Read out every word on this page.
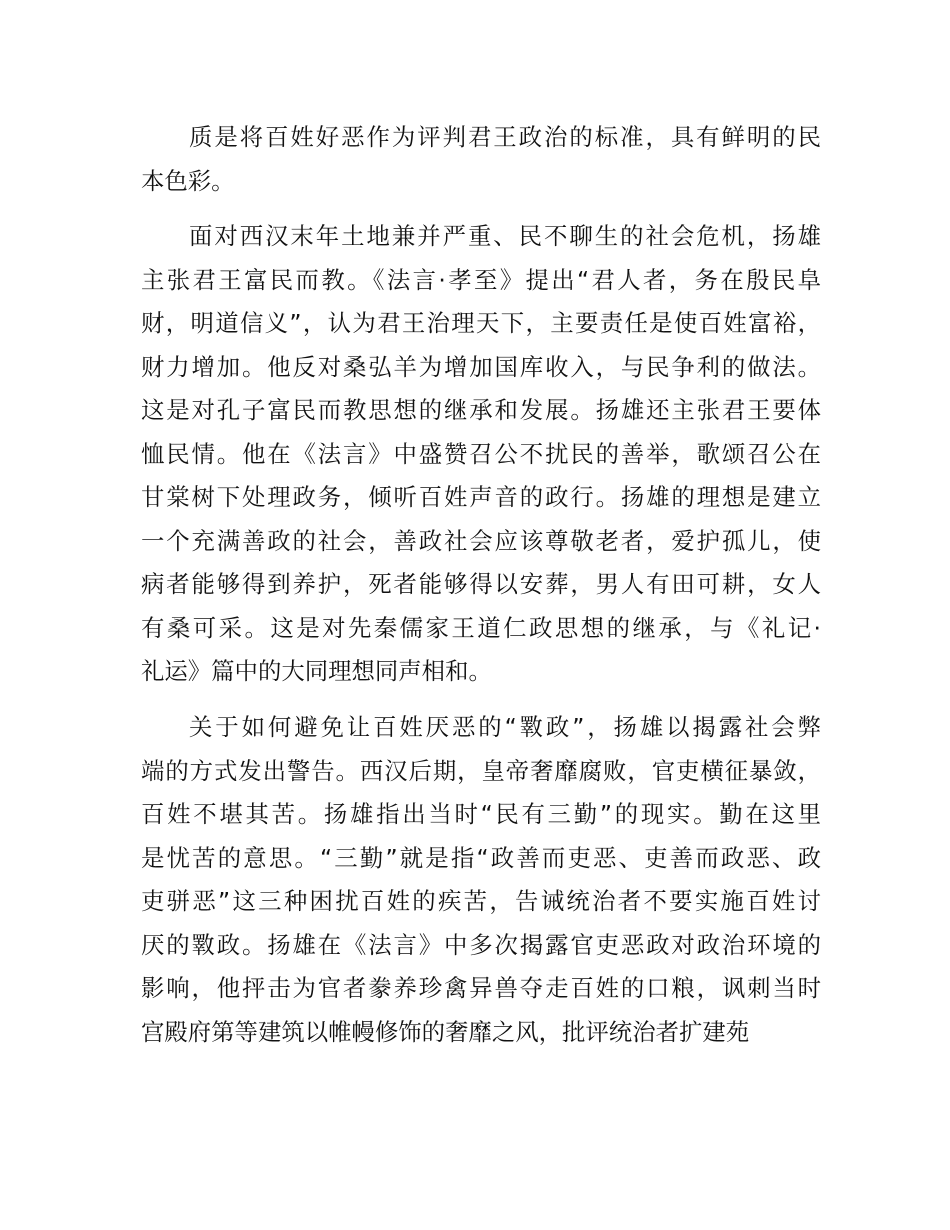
质是将百姓好恶作为评判君王政治的标准，具有鲜明的民
本色彩。
面对西汉末年土地兼并严重、民不聊生的社会危机，扬雄
主张君王富民而教。《法言·孝至》提出“君人者，务在殷民阜
财，明道信义”，认为君王治理天下，主要责任是使百姓富裕，
财力增加。他反对桑弘羊为增加国库收入，与民争利的做法。
这是对孔子富民而教思想的继承和发展。扬雄还主张君王要体
恤民情。他在《法言》中盛赞召公不扰民的善举，歌颂召公在
甘棠树下处理政务，倾听百姓声音的政行。扬雄的理想是建立
一个充满善政的社会，善政社会应该尊敬老者，爱护孤儿，使
病者能够得到养护，死者能够得以安葬，男人有田可耕，女人
有桑可采。这是对先秦儒家王道仁政思想的继承，与《礼记·
礼运》篇中的大同理想同声相和。
关于如何避免让百姓厌恶的“斁政”，扬雄以揭露社会弊
端的方式发出警告。西汉后期，皇帝奢靡腐败，官吏横征暴敛，
百姓不堪其苦。扬雄指出当时“民有三勤”的现实。勤在这里
是忧苦的意思。“三勤”就是指“政善而吏恶、吏善而政恶、政
吏骈恶”这三种困扰百姓的疾苦，告诫统治者不要实施百姓讨
厌的斁政。扬雄在《法言》中多次揭露官吏恶政对政治环境的
影响，他抨击为官者豢养珍禽异兽夺走百姓的口粮，讽刺当时
宫殿府第等建筑以帷幔修饰的奢靡之风，批评统治者扩建苑
